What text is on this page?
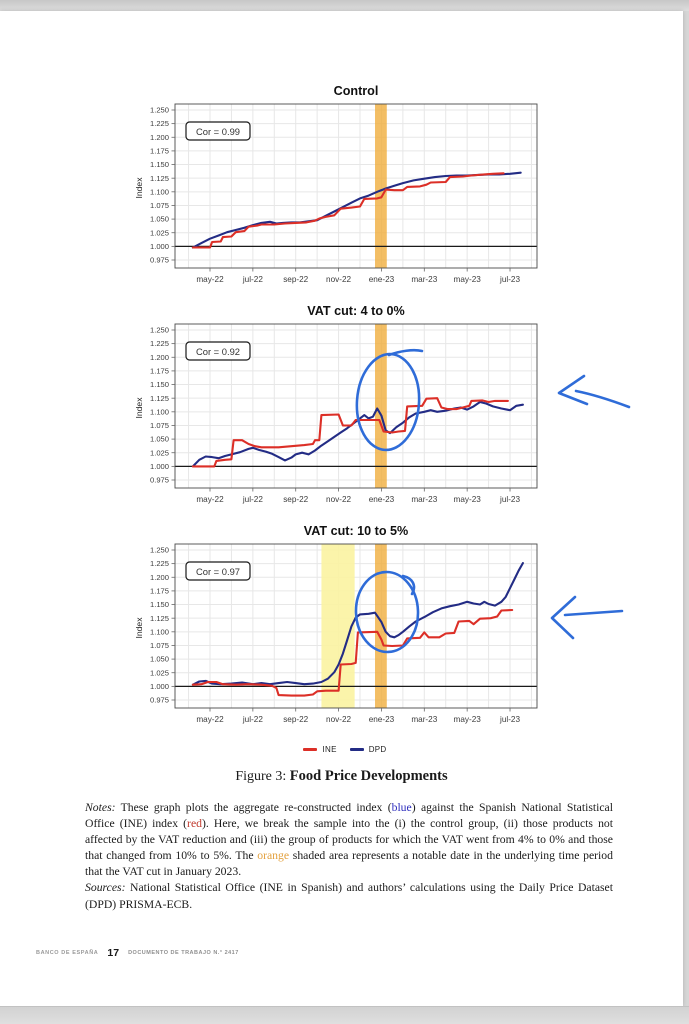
0.975
1.000
1.025
1.050
1.075
1.100
1.125
1.150
1.175
1.200
1.225
1.250
may-22 jul-22 sep-22 nov-22 ene-23 mar-23 may-23 jul-23
Index
Cor = 0.99
Control
0.975
1.000
1.025
1.050
1.075
1.100
1.125
1.150
1.175
1.200
1.225
1.250
may-22 jul-22 sep-22 nov-22 ene-23 mar-23 may-23 jul-23
Index
Cor = 0.92
VAT cut: 4 to 0%
0.975
1.000
1.025
1.050
1.075
1.100
1.125
1.150
1.175
1.200
1.225
1.250
may-22 jul-22 sep-22 nov-22 ene-23 mar-23 may-23 jul-23
Index
Cor = 0.97
VAT cut: 10 to 5%
INE	DPD
Figure 3: Food Price Developments

Notes: These graph plots the aggregate re-constructed index (blue) against the Spanish National Statistical Office (INE) index (red). Here, we break the sample into the (i) the control group, (ii) those products not affected by the VAT reduction and (iii) the group of products for which the VAT went from 4% to 0% and those that changed from 10% to 5%. The orange shaded area represents a notable date in the underlying time period that the VAT cut in January 2023.

Sources: National Statistical Office (INE in Spanish) and authors’ calculations using the Daily Price Dataset (DPD) PRISMA-ECB.

BANCO DE ESPAÑA 17 DOCUMENTO DE TRABAJO N.° 2417
